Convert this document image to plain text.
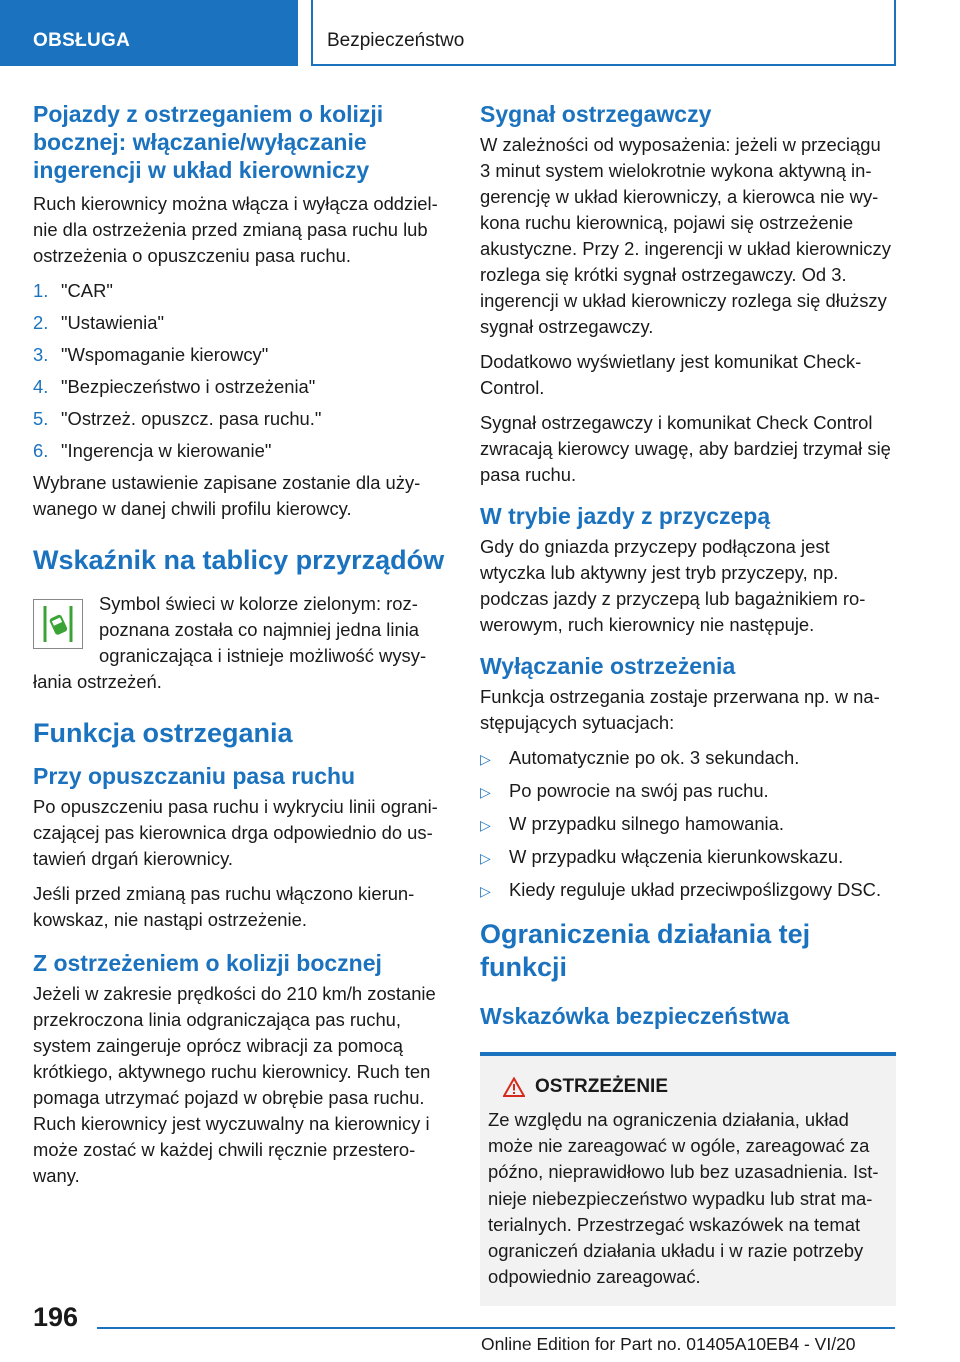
OBSŁUGA	Bezpieczeństwo
Pojazdy z ostrzeganiem o kolizji bocznej: włączanie/wyłączanie ingerencji w układ kierowniczy

Ruch kierownicy można włącza i wyłącza oddzielnie dla ostrzeżenia przed zmianą pasa ruchu lub ostrzeżenia o opuszczeniu pasa ruchu.

1. "CAR"
2. "Ustawienia"
3. "Wspomaganie kierowcy"
4. "Bezpieczeństwo i ostrzeżenia"
5. "Ostrzeż. opuszcz. pasa ruchu."
6. "Ingerencja w kierowanie"

Wybrane ustawienie zapisane zostanie dla używanego w danej chwili profilu kierowcy.

Wskaźnik na tablicy przyrządów

Symbol świeci w kolorze zielonym: rozpoznana została co najmniej jedna linia ograniczająca i istnieje możliwość wysyłania ostrzeżeń.

Funkcja ostrzegania
Przy opuszczaniu pasa ruchu

Po opuszczeniu pasa ruchu i wykryciu linii ograniczającej pas kierownica drga odpowiednio do ustawień drgań kierownicy.

Jeśli przed zmianą pas ruchu włączono kierunkowskaz, nie nastąpi ostrzeżenie.

Z ostrzeżeniem o kolizji bocznej

Jeżeli w zakresie prędkości do 210 km/h zostanie przekroczona linia odgraniczająca pas ruchu, system zaingeruje oprócz wibracji za pomocą krótkiego, aktywnego ruchu kierownicy. Ruch ten pomaga utrzymać pojazd w obrębie pasa ruchu. Ruch kierownicy jest wyczuwalny na kierownicy i może zostać w każdej chwili ręcznie przesterowany.

Sygnał ostrzegawczy

W zależności od wyposażenia: jeżeli w przeciągu 3 minut system wielokrotnie wykona aktywną ingerencję w układ kierowniczy, a kierowca nie wykona ruchu kierownicą, pojawi się ostrzeżenie akustyczne. Przy 2. ingerencji w układ kierowniczy rozlega się krótki sygnał ostrzegawczy. Od 3. ingerencji w układ kierowniczy rozlega się dłuższy sygnał ostrzegawczy.

Dodatkowo wyświetlany jest komunikat Check-Control.

Sygnał ostrzegawczy i komunikat Check Control zwracają kierowcy uwagę, aby bardziej trzymał się pasa ruchu.

W trybie jazdy z przyczepą

Gdy do gniazda przyczepy podłączona jest wtyczka lub aktywny jest tryb przyczepy, np. podczas jazdy z przyczepą lub bagażnikiem rowerowym, ruch kierownicy nie następuje.

Wyłączanie ostrzeżenia

Funkcja ostrzegania zostaje przerwana np. w następujących sytuacjach:

▷ Automatycznie po ok. 3 sekundach.
▷ Po powrocie na swój pas ruchu.
▷ W przypadku silnego hamowania.
▷ W przypadku włączenia kierunkowskazu.
▷ Kiedy reguluje układ przeciwpoślizgowy DSC.
Ograniczenia działania tej funkcji
Wskazówka bezpieczeństwa
OSTRZEŻENIE

Ze względu na ograniczenia działania, układ może nie zareagować w ogóle, zareagować za późno, nieprawidłowo lub bez uzasadnienia. Istnieje niebezpieczeństwo wypadku lub strat materialnych. Przestrzegać wskazówek na temat ograniczeń działania układu i w razie potrzeby odpowiednio zareagować.

196
Online Edition for Part no. 01405A10EB4 - VI/20
